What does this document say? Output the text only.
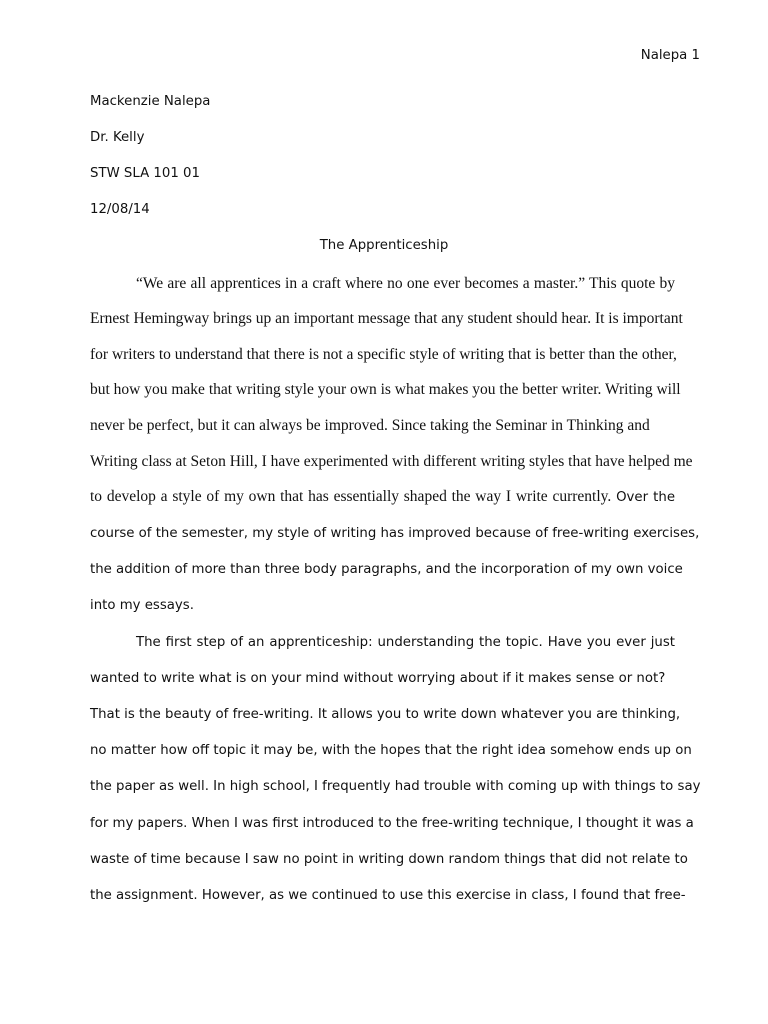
Nalepa 1
Mackenzie Nalepa
Dr. Kelly
STW SLA 101 01
12/08/14
The Apprenticeship
“We are all apprentices in a craft where no one ever becomes a master.” This quote by
Ernest Hemingway brings up an important message that any student should hear. It is important
for writers to understand that there is not a specific style of writing that is better than the other,
but how you make that writing style your own is what makes you the better writer. Writing will
never be perfect, but it can always be improved. Since taking the Seminar in Thinking and
Writing class at Seton Hill, I have experimented with different writing styles that have helped me
to develop a style of my own that has essentially shaped the way I write currently. Over the
course of the semester, my style of writing has improved because of free-writing exercises,
the addition of more than three body paragraphs, and the incorporation of my own voice
into my essays.
The first step of an apprenticeship: understanding the topic. Have you ever just
wanted to write what is on your mind without worrying about if it makes sense or not?
That is the beauty of free-writing. It allows you to write down whatever you are thinking,
no matter how off topic it may be, with the hopes that the right idea somehow ends up on
the paper as well. In high school, I frequently had trouble with coming up with things to say
for my papers. When I was first introduced to the free-writing technique, I thought it was a
waste of time because I saw no point in writing down random things that did not relate to
the assignment. However, as we continued to use this exercise in class, I found that free-
